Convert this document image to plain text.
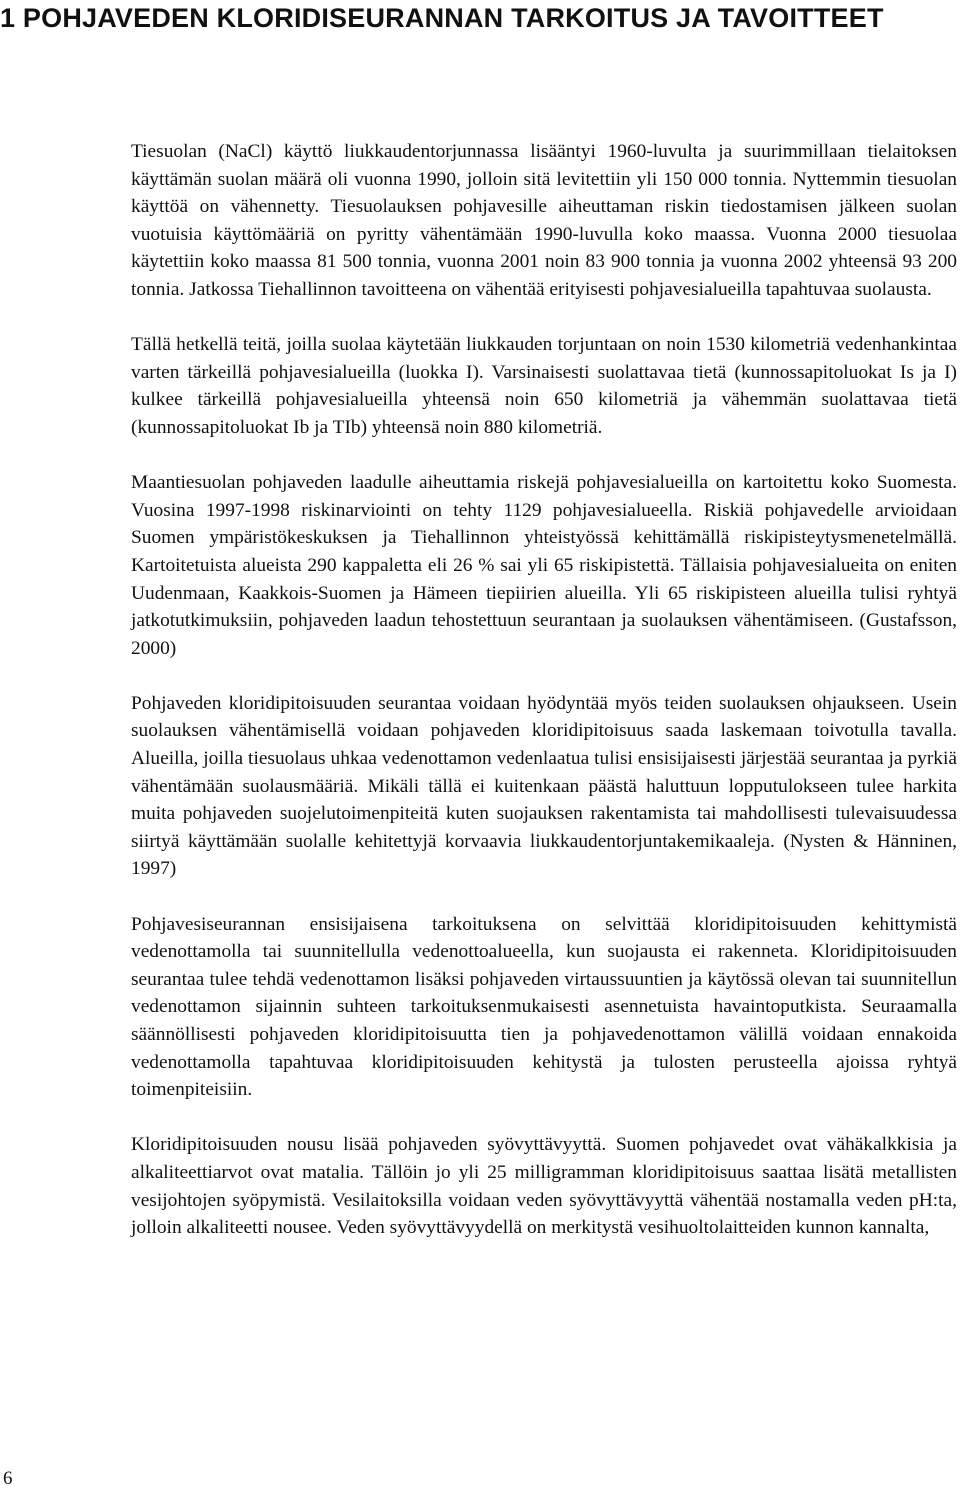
1 POHJAVEDEN KLORIDISEURANNAN TARKOITUS JA TAVOITTEET

Tiesuolan (NaCl) käyttö liukkaudentorjunnassa lisääntyi 1960-luvulta ja suurimmillaan tielaitoksen käyttämän suolan määrä oli vuonna 1990, jolloin sitä levitettiin yli 150 000 tonnia. Nyttemmin tiesuolan käyttöä on vähennetty. Tiesuolauksen pohjavesille aiheuttaman riskin tiedostamisen jälkeen suolan vuotuisia käyttömääriä on pyritty vähentämään 1990-luvulla koko maassa. Vuonna 2000 tiesuolaa käytettiin koko maassa 81 500 tonnia, vuonna 2001 noin 83 900 tonnia ja vuonna 2002 yhteensä 93 200 tonnia. Jatkossa Tiehallinnon tavoitteena on vähentää erityisesti pohjavesialueilla tapahtuvaa suolausta.

Tällä hetkellä teitä, joilla suolaa käytetään liukkauden torjuntaan on noin 1530 kilometriä vedenhankintaa varten tärkeillä pohjavesialueilla (luokka I). Varsinaisesti suolattavaa tietä (kunnossapitoluokat Is ja I) kulkee tärkeillä pohjavesialueilla yhteensä noin 650 kilometriä ja vähemmän suolattavaa tietä (kunnossapitoluokat Ib ja TIb) yhteensä noin 880 kilometriä.

Maantiesuolan pohjaveden laadulle aiheuttamia riskejä pohjavesialueilla on kartoitettu koko Suomesta. Vuosina 1997-1998 riskinarviointi on tehty 1129 pohjavesialueella. Riskiä pohjavedelle arvioidaan Suomen ympäristökeskuksen ja Tiehallinnon yhteistyössä kehittämällä riskipisteytysmenetelmällä. Kartoitetuista alueista 290 kappaletta eli 26 % sai yli 65 riskipistettä. Tällaisia pohjavesialueita on eniten Uudenmaan, Kaakkois-Suomen ja Hämeen tiepiirien alueilla. Yli 65 riskipisteen alueilla tulisi ryhtyä jatkotutkimuksiin, pohjaveden laadun tehostettuun seurantaan ja suolauksen vähentämiseen. (Gustafsson, 2000)

Pohjaveden kloridipitoisuuden seurantaa voidaan hyödyntää myös teiden suolauksen ohjaukseen. Usein suolauksen vähentämisellä voidaan pohjaveden kloridipitoisuus saada laskemaan toivotulla tavalla. Alueilla, joilla tiesuolaus uhkaa vedenottamon vedenlaatua tulisi ensisijaisesti järjestää seurantaa ja pyrkiä vähentämään suolausmääriä. Mikäli tällä ei kuitenkaan päästä haluttuun lopputulokseen tulee harkita muita pohjaveden suojelutoimenpiteitä kuten suojauksen rakentamista tai mahdollisesti tulevaisuudessa siirtyä käyttämään suolalle kehitettyjä korvaavia liukkaudentorjuntakemikaaleja. (Nysten & Hänninen, 1997)

Pohjavesiseurannan ensisijaisena tarkoituksena on selvittää kloridipitoisuuden kehittymistä vedenottamolla tai suunnitellulla vedenottoalueella, kun suojausta ei rakenneta. Kloridipitoisuuden seurantaa tulee tehdä vedenottamon lisäksi pohjaveden virtaussuuntien ja käytössä olevan tai suunnitellun vedenottamon sijainnin suhteen tarkoituksenmukaisesti asennetuista havaintoputkista. Seuraamalla säännöllisesti pohjaveden kloridipitoisuutta tien ja pohjavedenottamon välillä voidaan ennakoida vedenottamolla tapahtuvaa kloridipitoisuuden kehitystä ja tulosten perusteella ajoissa ryhtyä toimenpiteisiin.

Kloridipitoisuuden nousu lisää pohjaveden syövyttävyyttä. Suomen pohjavedet ovat vähäkalkkisia ja alkaliteettiarvot ovat matalia. Tällöin jo yli 25 milligramman kloridipitoisuus saattaa lisätä metallisten vesijohtojen syöpymistä. Vesilaitoksilla voidaan veden syövyttävyyttä vähentää nostamalla veden pH:ta, jolloin alkaliteetti nousee. Veden syövyttävyydellä on merkitystä vesihuoltolaitteiden kunnon kannalta,

6
